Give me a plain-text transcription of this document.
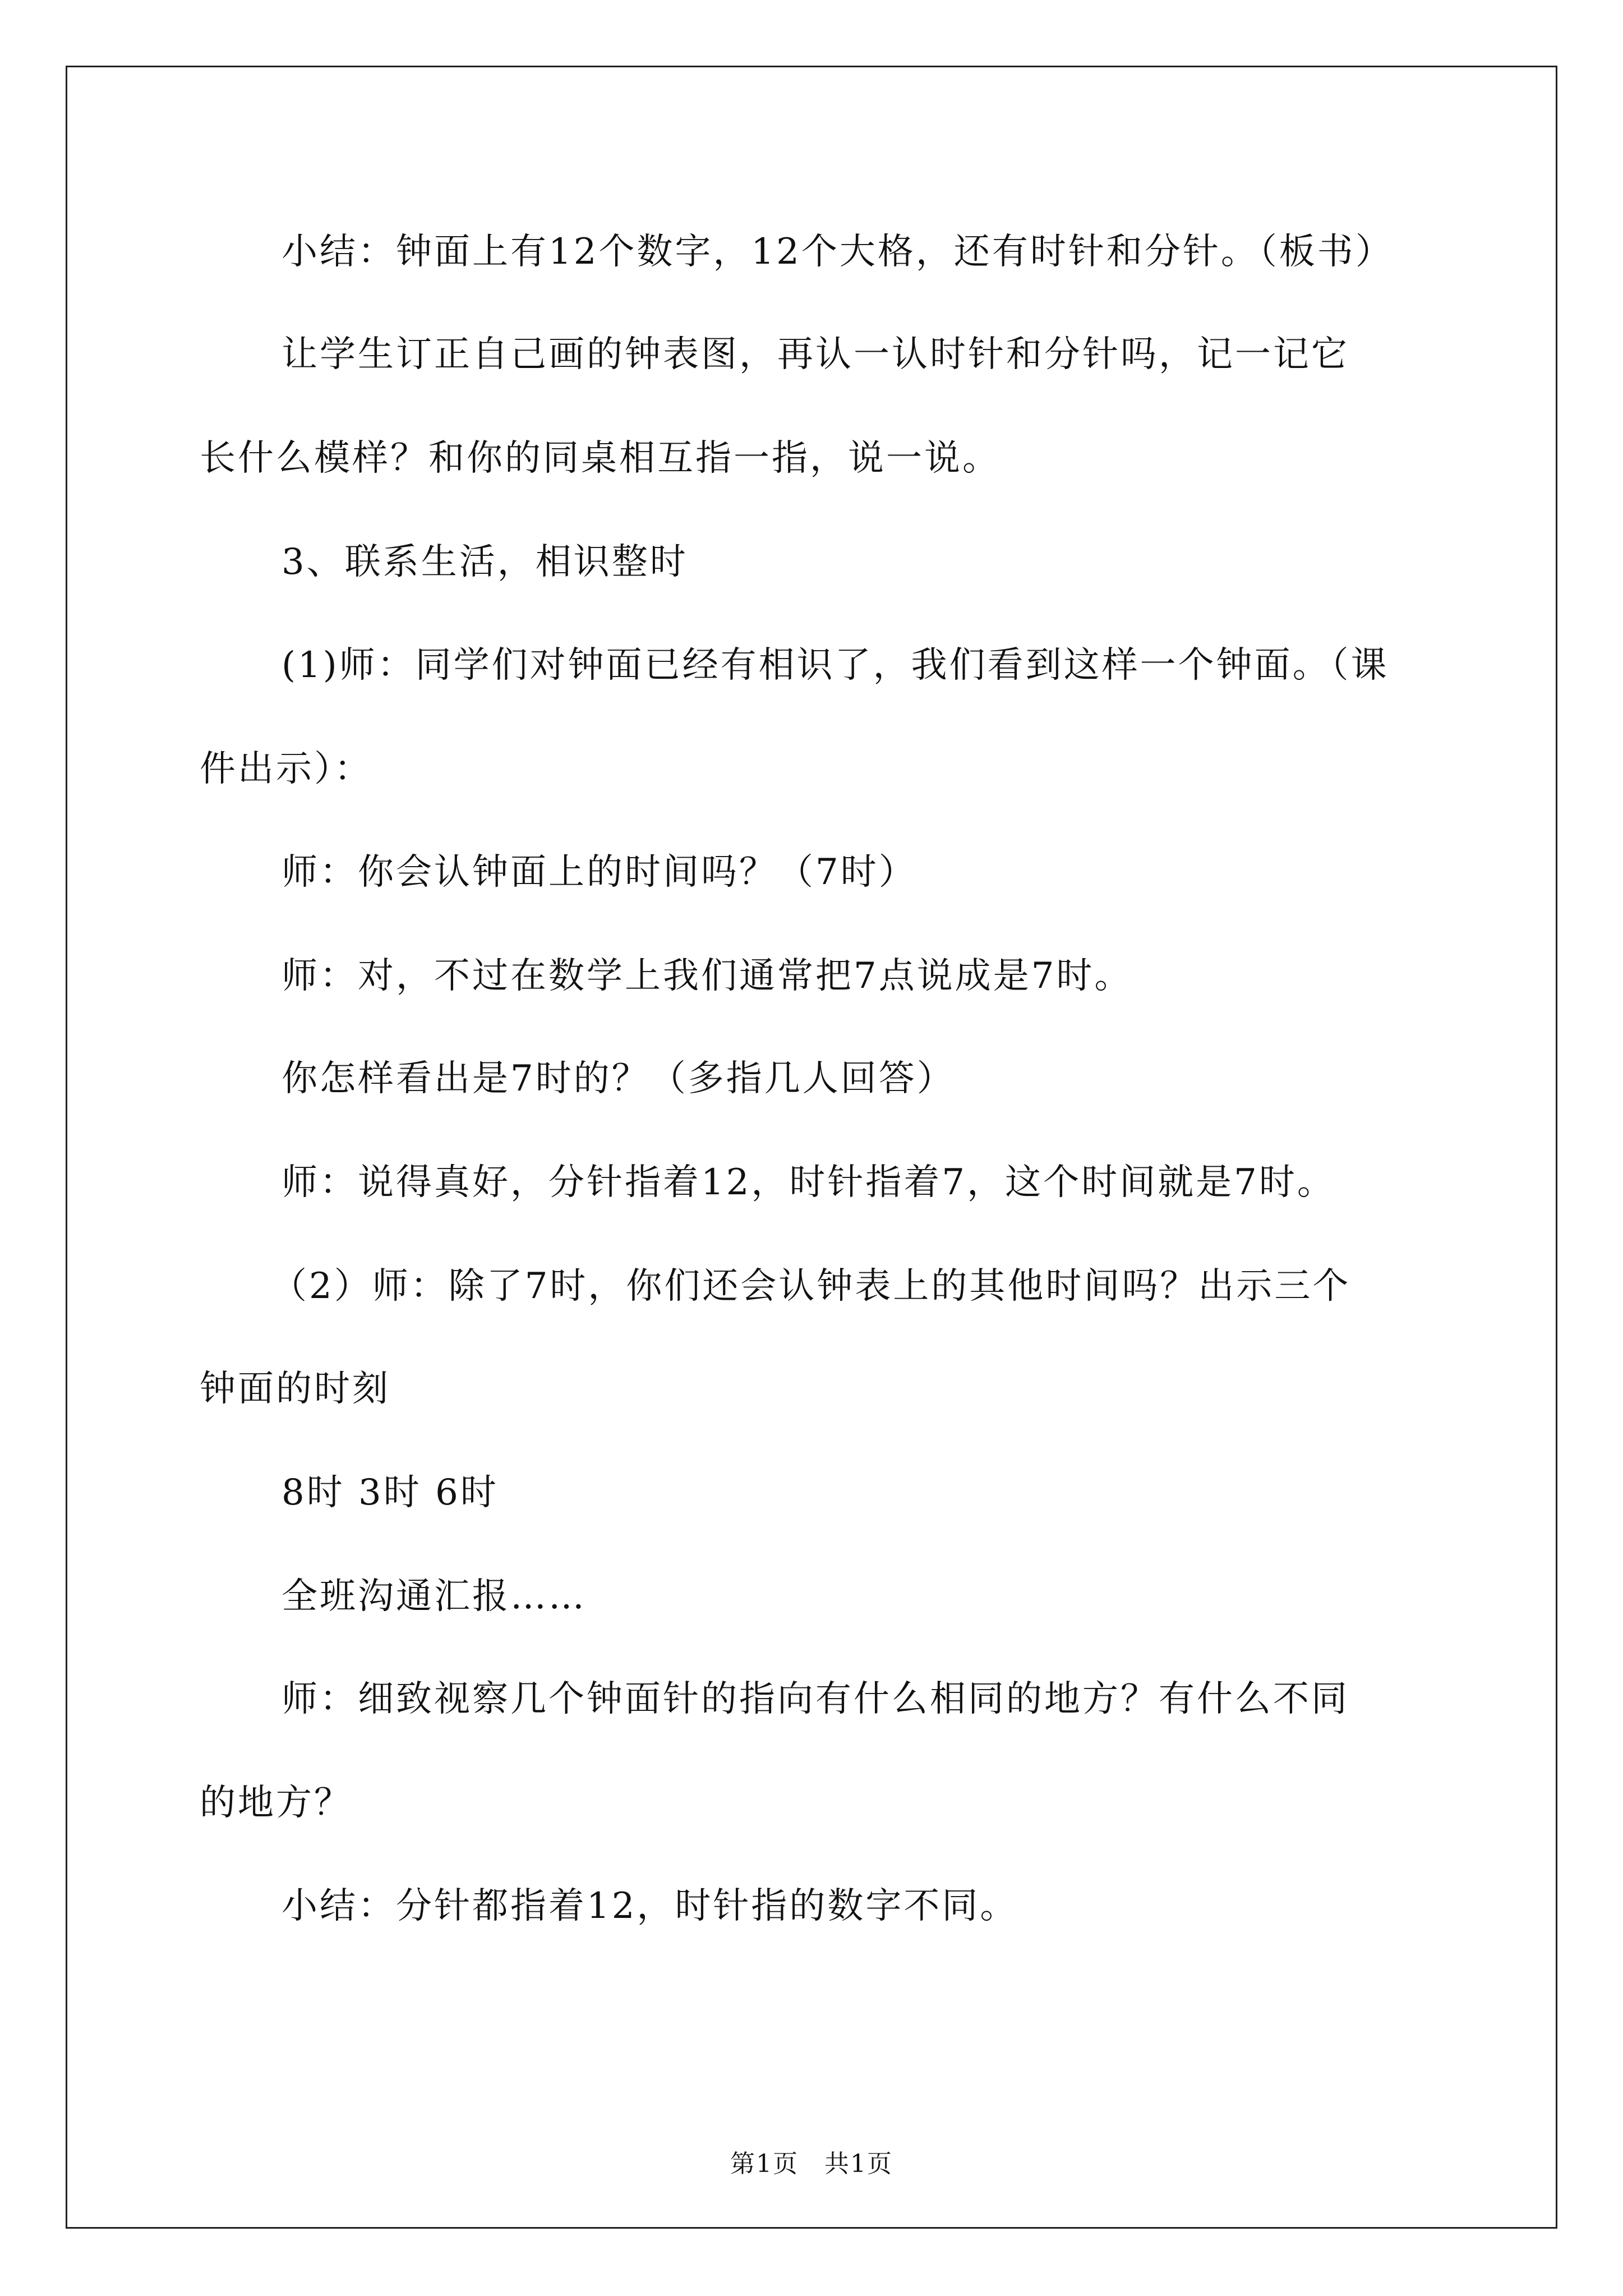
小结：钟面上有12个数字，12个大格，还有时针和分针。（板书）
让学生订正自己画的钟表图，再认一认时针和分针吗，记一记它
长什么模样？和你的同桌相互指一指，说一说。
3、联系生活，相识整时
(1)师：同学们对钟面已经有相识了，我们看到这样一个钟面。（课
件出示）：
师：你会认钟面上的时间吗？（7时）
师：对，不过在数学上我们通常把7点说成是7时。
你怎样看出是7时的？（多指几人回答）
师：说得真好，分针指着12，时针指着7，这个时间就是7时。
（2）师：除了7时，你们还会认钟表上的其他时间吗？出示三个
钟面的时刻
8时 3时 6时
全班沟通汇报……
师：细致视察几个钟面针的指向有什么相同的地方？有什么不同
的地方？
小结：分针都指着12，时针指的数字不同。
第1页　共1页
